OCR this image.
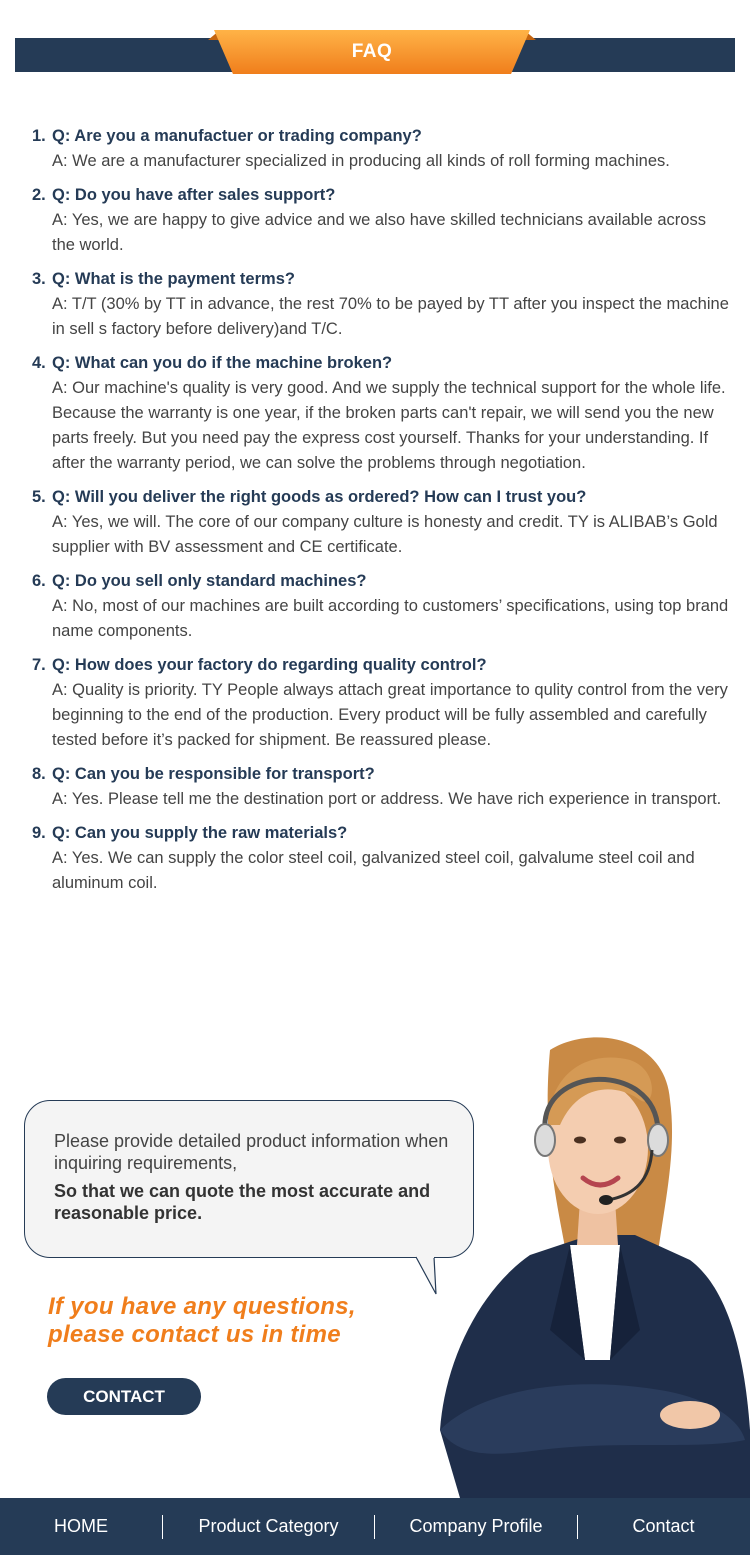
FAQ
1. Q: Are you a manufactuer or trading company?
A: We are a manufacturer specialized in producing all kinds of roll forming machines.
2. Q: Do you have after sales support?
A: Yes, we are happy to give advice and we also have skilled technicians available across the world.
3. Q: What is the payment terms?
A: T/T (30% by TT in advance, the rest 70% to be payed by TT after you inspect the machine in sell s factory before delivery)and T/C.
4. Q: What can you do if the machine broken?
A: Our machine's quality is very good. And we supply the technical support for the whole life. Because the warranty is one year, if the broken parts can't repair, we will send you the new parts freely. But you need pay the express cost yourself. Thanks for your understanding. If after the warranty period, we can solve the problems through negotiation.
5. Q: Will you deliver the right goods as ordered? How can I trust you?
A: Yes, we will. The core of our company culture is honesty and credit. TY is ALIBAB’s Gold supplier with BV assessment and CE certificate.
6. Q: Do you sell only standard machines?
A: No, most of our machines are built according to customers’ specifications, using top brand name components.
7. Q: How does your factory do regarding quality control?
A: Quality is priority. TY People always attach great importance to qulity control from the very beginning to the end of the production. Every product will be fully assembled and carefully tested before it’s packed for shipment. Be reassured please.
8. Q: Can you be responsible for transport?
A: Yes. Please tell me the destination port or address. We have rich experience in transport.
9. Q: Can you supply the raw materials?
A: Yes. We can supply the color steel coil, galvanized steel coil, galvalume steel coil and aluminum coil.
Please provide detailed product information when inquiring requirements,
So that we can quote the most accurate and reasonable price.
If you have any questions,
please contact us in time
CONTACT
HOME	Product Category	Company Profile	Contact
